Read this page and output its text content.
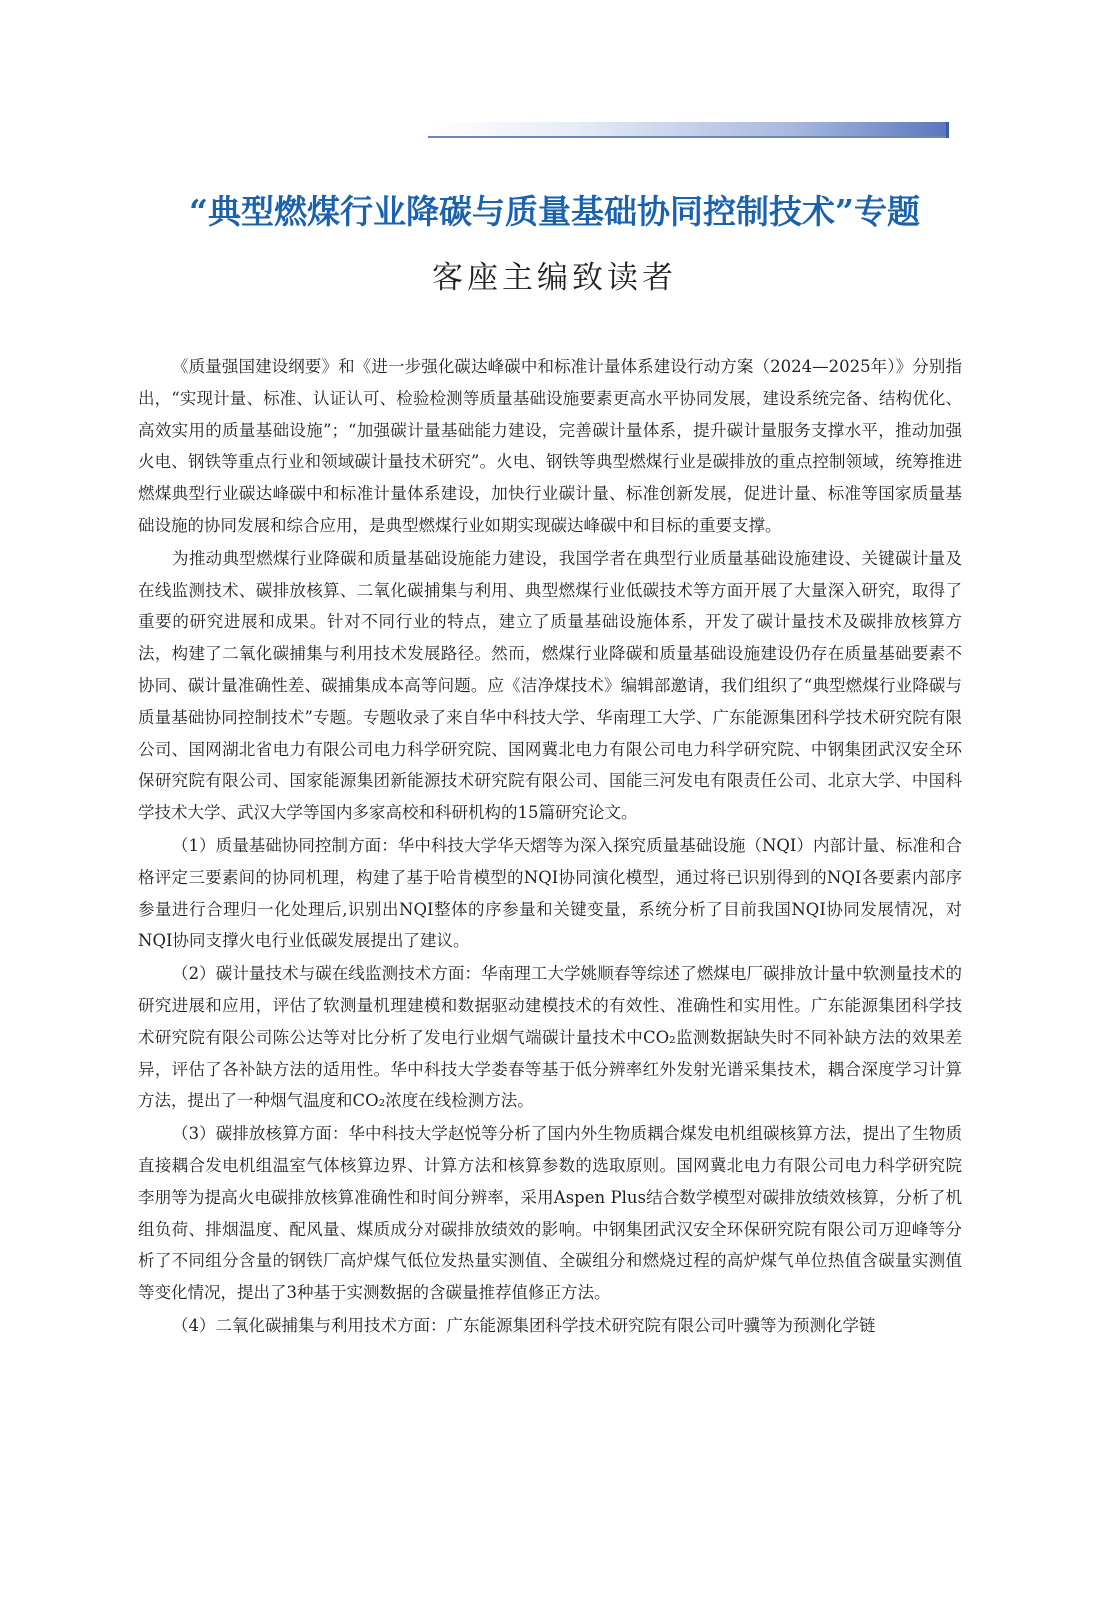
“典型燃煤行业降碳与质量基础协同控制技术”专题
客座主编致读者

《质量强国建设纲要》和《进一步强化碳达峰碳中和标准计量体系建设行动方案（2024—2025年）》分别指出，“实现计量、标准、认证认可、检验检测等质量基础设施要素更高水平协同发展，建设系统完备、结构优化、高效实用的质量基础设施”；“加强碳计量基础能力建设，完善碳计量体系，提升碳计量服务支撑水平，推动加强火电、钢铁等重点行业和领域碳计量技术研究”。火电、钢铁等典型燃煤行业是碳排放的重点控制领域，统筹推进燃煤典型行业碳达峰碳中和标准计量体系建设，加快行业碳计量、标准创新发展，促进计量、标准等国家质量基础设施的协同发展和综合应用，是典型燃煤行业如期实现碳达峰碳中和目标的重要支撑。

为推动典型燃煤行业降碳和质量基础设施能力建设，我国学者在典型行业质量基础设施建设、关键碳计量及在线监测技术、碳排放核算、二氧化碳捕集与利用、典型燃煤行业低碳技术等方面开展了大量深入研究，取得了重要的研究进展和成果。针对不同行业的特点，建立了质量基础设施体系，开发了碳计量技术及碳排放核算方法，构建了二氧化碳捕集与利用技术发展路径。然而，燃煤行业降碳和质量基础设施建设仍存在质量基础要素不协同、碳计量准确性差、碳捕集成本高等问题。应《洁净煤技术》编辑部邀请，我们组织了“典型燃煤行业降碳与质量基础协同控制技术”专题。专题收录了来自华中科技大学、华南理工大学、广东能源集团科学技术研究院有限公司、国网湖北省电力有限公司电力科学研究院、国网冀北电力有限公司电力科学研究院、中钢集团武汉安全环保研究院有限公司、国家能源集团新能源技术研究院有限公司、国能三河发电有限责任公司、北京大学、中国科学技术大学、武汉大学等国内多家高校和科研机构的15篇研究论文。

（1）质量基础协同控制方面：华中科技大学华天熠等为深入探究质量基础设施（NQI）内部计量、标准和合格评定三要素间的协同机理，构建了基于哈肯模型的NQI协同演化模型，通过将已识别得到的NQI各要素内部序参量进行合理归一化处理后,识别出NQI整体的序参量和关键变量，系统分析了目前我国NQI协同发展情况，对NQI协同支撑火电行业低碳发展提出了建议。

（2）碳计量技术与碳在线监测技术方面：华南理工大学姚顺春等综述了燃煤电厂碳排放计量中软测量技术的研究进展和应用，评估了软测量机理建模和数据驱动建模技术的有效性、准确性和实用性。广东能源集团科学技术研究院有限公司陈公达等对比分析了发电行业烟气端碳计量技术中CO₂监测数据缺失时不同补缺方法的效果差异，评估了各补缺方法的适用性。华中科技大学娄春等基于低分辨率红外发射光谱采集技术，耦合深度学习计算方法，提出了一种烟气温度和CO₂浓度在线检测方法。

（3）碳排放核算方面：华中科技大学赵悦等分析了国内外生物质耦合煤发电机组碳核算方法，提出了生物质直接耦合发电机组温室气体核算边界、计算方法和核算参数的选取原则。国网冀北电力有限公司电力科学研究院李朋等为提高火电碳排放核算准确性和时间分辨率，采用Aspen Plus结合数学模型对碳排放绩效核算，分析了机组负荷、排烟温度、配风量、煤质成分对碳排放绩效的影响。中钢集团武汉安全环保研究院有限公司万迎峰等分析了不同组分含量的钢铁厂高炉煤气低位发热量实测值、全碳组分和燃烧过程的高炉煤气单位热值含碳量实测值等变化情况，提出了3种基于实测数据的含碳量推荐值修正方法。

（4）二氧化碳捕集与利用技术方面：广东能源集团科学技术研究院有限公司叶骥等为预测化学链
